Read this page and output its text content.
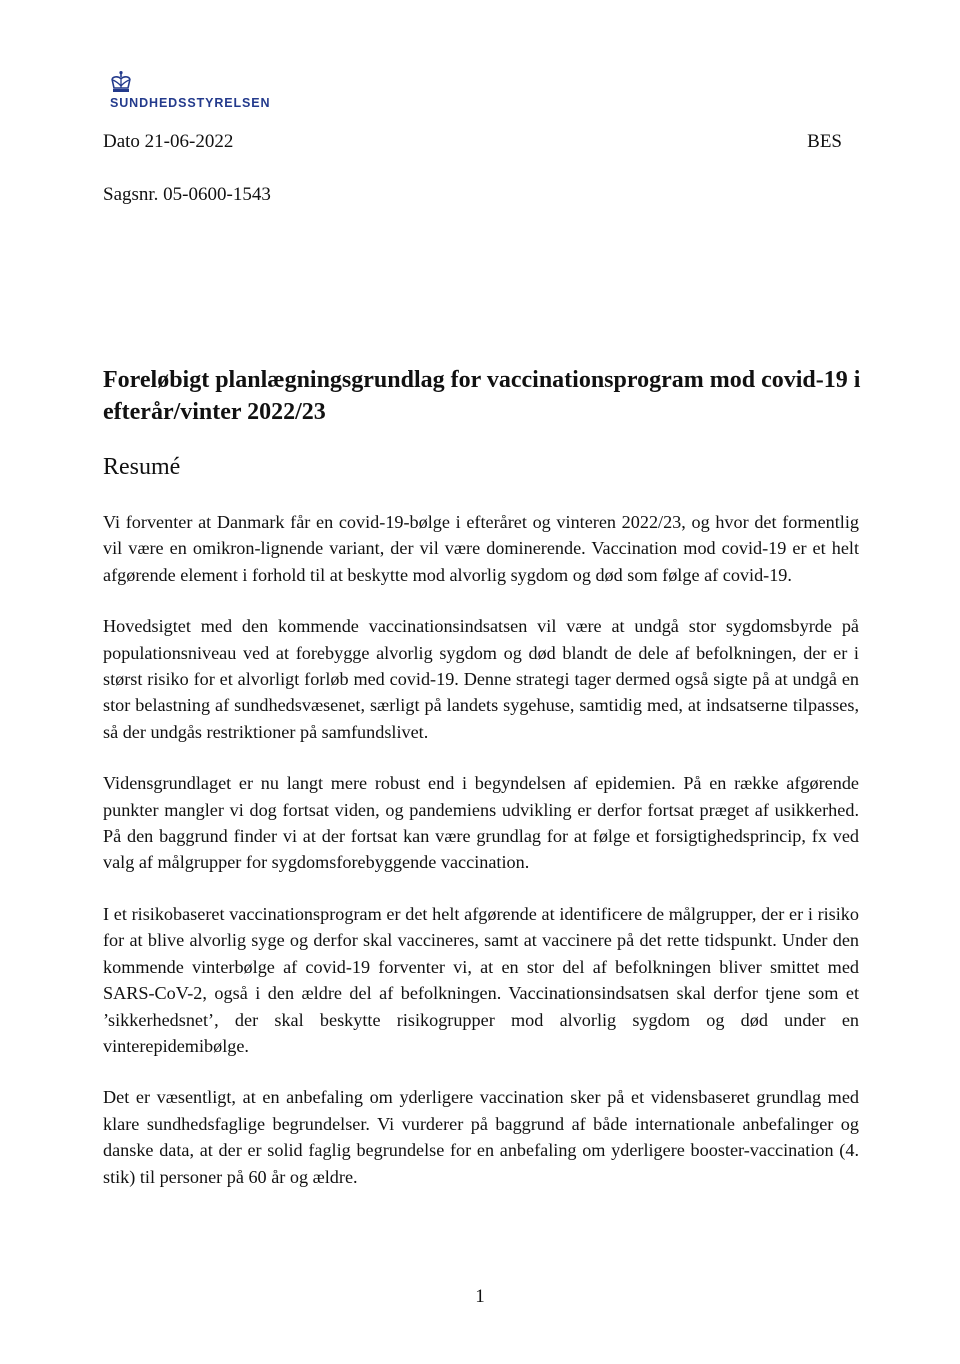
SUNDHEDSSTYRELSEN
Dato 21-06-2022	BES
Sagsnr. 05-0600-1543
Foreløbigt planlægningsgrundlag for vaccinationsprogram mod covid-19 i efterår/vinter 2022/23
Resumé

Vi forventer at Danmark får en covid-19-bølge i efteråret og vinteren 2022/23, og hvor det formentlig vil være en omikron-lignende variant, der vil være dominerende. Vaccination mod covid-19 er et helt afgørende element i forhold til at beskytte mod alvorlig sygdom og død som følge af covid-19.

Hovedsigtet med den kommende vaccinationsindsatsen vil være at undgå stor sygdomsbyrde på populationsniveau ved at forebygge alvorlig sygdom og død blandt de dele af befolkningen, der er i størst risiko for et alvorligt forløb med covid-19. Denne strategi tager dermed også sigte på at undgå en stor belastning af sundhedsvæsenet, særligt på landets sygehuse, samtidig med, at indsatserne tilpasses, så der undgås restriktioner på samfundslivet.

Vidensgrundlaget er nu langt mere robust end i begyndelsen af epidemien. På en række afgørende punkter mangler vi dog fortsat viden, og pandemiens udvikling er derfor fortsat præget af usikkerhed. På den baggrund finder vi at der fortsat kan være grundlag for at følge et forsigtighedsprincip, fx ved valg af målgrupper for sygdomsforebyggende vaccination.

I et risikobaseret vaccinationsprogram er det helt afgørende at identificere de målgrupper, der er i risiko for at blive alvorlig syge og derfor skal vaccineres, samt at vaccinere på det rette tidspunkt. Under den kommende vinterbølge af covid-19 forventer vi, at en stor del af befolkningen bliver smittet med SARS-CoV-2, også i den ældre del af befolkningen. Vaccinationsindsatsen skal derfor tjene som et ’sikkerhedsnet’, der skal beskytte risikogrupper mod alvorlig sygdom og død under en vinterepidemibølge.

Det er væsentligt, at en anbefaling om yderligere vaccination sker på et vidensbaseret grundlag med klare sundhedsfaglige begrundelser. Vi vurderer på baggrund af både internationale anbefalinger og danske data, at der er solid faglig begrundelse for en anbefaling om yderligere booster-vaccination (4. stik) til personer på 60 år og ældre.

1
